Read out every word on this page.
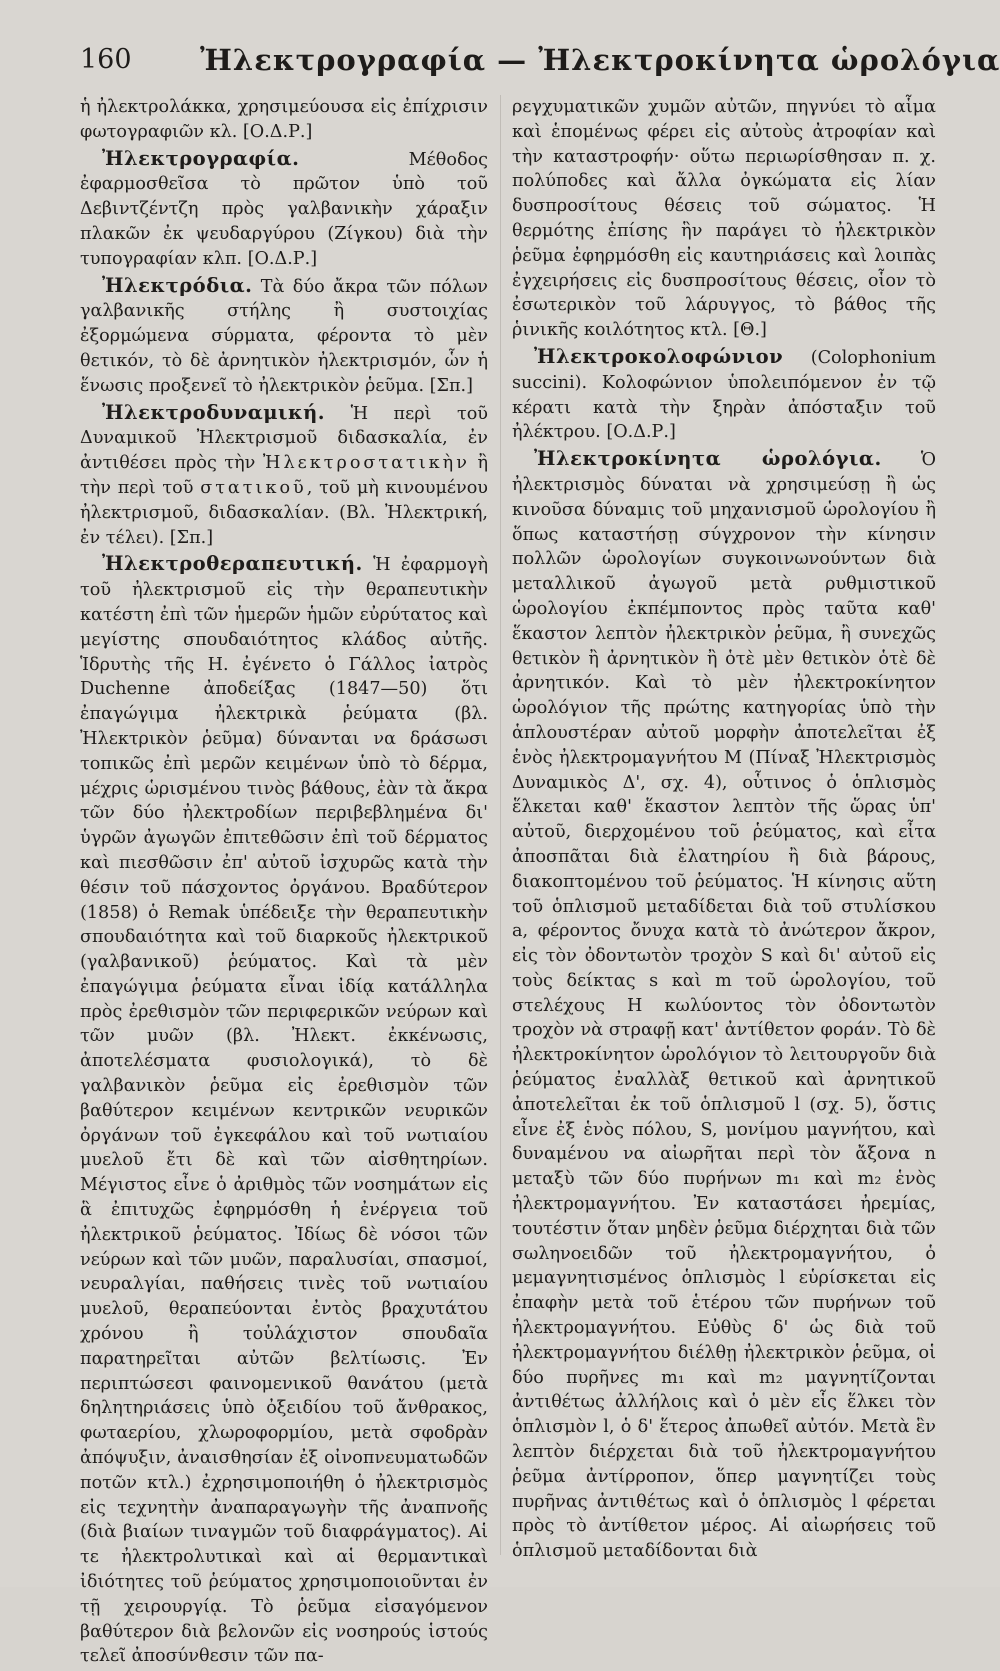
160 Ἠλεκτρογραφία — Ἠλεκτροκίνητα ὡρολόγια

ἡ ἠλεκτρολάκκα, χρησιμεύουσα εἰς ἐπίχρισιν φωτογραφιῶν κλ. [Ο.Δ.Ρ.]

Ἠλεκτρογραφία. Μέθοδος ἐφαρμοσθεῖσα τὸ πρῶτον ὑπὸ τοῦ Δεβιντζέντζη πρὸς γαλβανικὴν χάραξιν πλακῶν ἐκ ψευδαργύρου (Ζίγκου) διὰ τὴν τυπογραφίαν κλπ. [Ο.Δ.Ρ.]

Ἠλεκτρόδια. Τὰ δύο ἄκρα τῶν πόλων γαλβανικῆς στήλης ἢ συστοιχίας ἐξορμώμενα σύρματα, φέροντα τὸ μὲν θετικόν, τὸ δὲ ἀρνητικὸν ἠλεκτρισμόν, ὧν ἡ ἕνωσις προξενεῖ τὸ ἠλεκτρικὸν ῥεῦμα. [Σπ.]

Ἠλεκτροδυναμική. Ἡ περὶ τοῦ Δυναμικοῦ Ἠλεκτρισμοῦ διδασκαλία, ἐν ἀντιθέσει πρὸς τὴν Ἠλεκτροστατικὴν ἢ τὴν περὶ τοῦ στατικοῦ, τοῦ μὴ κινουμένου ἠλεκτρισμοῦ, διδασκαλίαν. (Βλ. Ἠλεκτρική, ἐν τέλει). [Σπ.]

Ἠλεκτροθεραπευτική. Ἡ ἐφαρμογὴ τοῦ ἠλεκτρισμοῦ εἰς τὴν θεραπευτικὴν κατέστη ἐπὶ τῶν ἡμερῶν ἡμῶν εὐρύτατος καὶ μεγίστης σπουδαιότητος κλάδος αὐτῆς. Ἱδρυτὴς τῆς Η. ἐγένετο ὁ Γάλλος ἰατρὸς Duchenne ἀποδείξας (1847—50) ὅτι ἐπαγώγιμα ἠλεκτρικὰ ῥεύματα (βλ. Ἠλεκτρικὸν ῥεῦμα) δύνανται να δράσωσι τοπικῶς ἐπὶ μερῶν κειμένων ὑπὸ τὸ δέρμα, μέχρις ὡρισμένου τινὸς βάθους, ἐὰν τὰ ἄκρα τῶν δύο ἠλεκτροδίων περιβεβλημένα δι' ὑγρῶν ἀγωγῶν ἐπιτεθῶσιν ἐπὶ τοῦ δέρματος καὶ πιεσθῶσιν ἐπ' αὐτοῦ ἰσχυρῶς κατὰ τὴν θέσιν τοῦ πάσχοντος ὀργάνου. Βραδύτερον (1858) ὁ Remak ὑπέδειξε τὴν θεραπευτικὴν σπουδαιότητα καὶ τοῦ διαρκοῦς ἠλεκτρικοῦ (γαλβανικοῦ) ῥεύματος. Καὶ τὰ μὲν ἐπαγώγιμα ῥεύματα εἶναι ἰδίᾳ κατάλληλα πρὸς ἐρεθισμὸν τῶν περιφερικῶν νεύρων καὶ τῶν μυῶν (βλ. Ἠλεκτ. ἐκκένωσις, ἀποτελέσματα φυσιολογικά), τὸ δὲ γαλβανικὸν ῥεῦμα εἰς ἐρεθισμὸν τῶν βαθύτερον κειμένων κεντρικῶν νευρικῶν ὀργάνων τοῦ ἐγκεφάλου καὶ τοῦ νωτιαίου μυελοῦ ἔτι δὲ καὶ τῶν αἰσθητηρίων. Μέγιστος εἶνε ὁ ἀριθμὸς τῶν νοσημάτων εἰς ἃ ἐπιτυχῶς ἐφηρμόσθη ἡ ἐνέργεια τοῦ ἠλεκτρικοῦ ῥεύματος. Ἰδίως δὲ νόσοι τῶν νεύρων καὶ τῶν μυῶν, παραλυσίαι, σπασμοί, νευραλγίαι, παθήσεις τινὲς τοῦ νωτιαίου μυελοῦ, θεραπεύονται ἐντὸς βραχυτάτου χρόνου ἢ τοὐλάχιστον σπουδαῖα παρατηρεῖται αὐτῶν βελτίωσις. Ἐν περιπτώσεσι φαινομενικοῦ θανάτου (μετὰ δηλητηριάσεις ὑπὸ ὀξειδίου τοῦ ἄνθρακος, φωταερίου, χλωροφορμίου, μετὰ σφοδρὰν ἀπόψυξιν, ἀναισθησίαν ἐξ οἰνοπνευματωδῶν ποτῶν κτλ.) ἐχρησιμοποιήθη ὁ ἠλεκτρισμὸς εἰς τεχνητὴν ἀναπαραγωγὴν τῆς ἀναπνοῆς (διὰ βιαίων τιναγμῶν τοῦ διαφράγματος). Αἱ τε ἠλεκτρολυτικαὶ καὶ αἱ θερμαντικαὶ ἰδιότητες τοῦ ῥεύματος χρησιμοποιοῦνται ἐν τῇ χειρουργίᾳ. Τὸ ῥεῦμα εἰσαγόμενον βαθύτερον διὰ βελονῶν εἰς νοσηρούς ἱστούς τελεῖ ἀποσύνθεσιν τῶν πα-

ρεγχυματικῶν χυμῶν αὐτῶν, πηγνύει τὸ αἷμα καὶ ἑπομένως φέρει εἰς αὐτοὺς ἀτροφίαν καὶ τὴν καταστροφήν· οὕτω περιωρίσθησαν π. χ. πολύποδες καὶ ἄλλα ὀγκώματα εἰς λίαν δυσπροσίτους θέσεις τοῦ σώματος. Ἡ θερμότης ἐπίσης ἣν παράγει τὸ ἠλεκτρικὸν ῥεῦμα ἐφηρμόσθη εἰς καυτηριάσεις καὶ λοιπὰς ἐγχειρήσεις εἰς δυσπροσίτους θέσεις, οἷον τὸ ἐσωτερικὸν τοῦ λάρυγγος, τὸ βάθος τῆς ῥινικῆς κοιλότητος κτλ. [Θ.]

Ἠλεκτροκολοφώνιον (Colophonium succini). Κολοφώνιον ὑπολειπόμενον ἐν τῷ κέρατι κατὰ τὴν ξηρὰν ἀπόσταξιν τοῦ ἠλέκτρου. [Ο.Δ.Ρ.]

Ἠλεκτροκίνητα ὡρολόγια. Ὁ ἠλεκτρισμὸς δύναται νὰ χρησιμεύσῃ ἢ ὡς κινοῦσα δύναμις τοῦ μηχανισμοῦ ὡρολογίου ἢ ὅπως καταστήσῃ σύγχρονον τὴν κίνησιν πολλῶν ὡρολογίων συγκοινωνούντων διὰ μεταλλικοῦ ἀγωγοῦ μετὰ ρυθμιστικοῦ ὡρολογίου ἐκπέμποντος πρὸς ταῦτα καθ' ἕκαστον λεπτὸν ἠλεκτρικὸν ῥεῦμα, ἢ συνεχῶς θετικὸν ἢ ἀρνητικὸν ἢ ὁτὲ μὲν θετικὸν ὁτὲ δὲ ἀρνητικόν. Καὶ τὸ μὲν ἠλεκτροκίνητον ὡρολόγιον τῆς πρώτης κατηγορίας ὑπὸ τὴν ἁπλουστέραν αὐτοῦ μορφὴν ἀποτελεῖται ἐξ ἑνὸς ἠλεκτρομαγνήτου Μ (Πίναξ Ἠλεκτρισμὸς Δυναμικὸς Δ', σχ. 4), οὗτινος ὁ ὁπλισμὸς ἕλκεται καθ' ἕκαστον λεπτὸν τῆς ὥρας ὑπ' αὐτοῦ, διερχομένου τοῦ ῥεύματος, καὶ εἶτα ἀποσπᾶται διὰ ἐλατηρίου ἢ διὰ βάρους, διακοπτομένου τοῦ ῥεύματος. Ἡ κίνησις αὕτη τοῦ ὁπλισμοῦ μεταδίδεται διὰ τοῦ στυλίσκου a, φέροντος ὄνυχα κατὰ τὸ ἀνώτερον ἄκρον, εἰς τὸν ὀδοντωτὸν τροχὸν S καὶ δι' αὐτοῦ εἰς τοὺς δείκτας s καὶ m τοῦ ὡρολογίου, τοῦ στελέχους Η κωλύοντος τὸν ὀδοντωτὸν τροχὸν νὰ στραφῇ κατ' ἀντίθετον φοράν. Τὸ δὲ ἠλεκτροκίνητον ὡρολόγιον τὸ λειτουργοῦν διὰ ῥεύματος ἐναλλὰξ θετικοῦ καὶ ἀρνητικοῦ ἀποτελεῖται ἐκ τοῦ ὁπλισμοῦ l (σχ. 5), ὅστις εἶνε ἐξ ἑνὸς πόλου, S, μονίμου μαγνήτου, καὶ δυναμένου να αἰωρῆται περὶ τὸν ἄξονα n μεταξὺ τῶν δύο πυρήνων m₁ καὶ m₂ ἑνὸς ἠλεκτρομαγνήτου. Ἐν καταστάσει ἠρεμίας, τουτέστιν ὅταν μηδὲν ῥεῦμα διέρχηται διὰ τῶν σωληνοειδῶν τοῦ ἠλεκτρομαγνήτου, ὁ μεμαγνητισμένος ὁπλισμὸς l εὑρίσκεται εἰς ἐπαφὴν μετὰ τοῦ ἑτέρου τῶν πυρήνων τοῦ ἠλεκτρομαγνήτου. Εὐθὺς δ' ὡς διὰ τοῦ ἠλεκτρομαγνήτου διέλθῃ ἠλεκτρικὸν ῥεῦμα, οἱ δύο πυρῆνες m₁ καὶ m₂ μαγνητίζονται ἀντιθέτως ἀλλήλοις καὶ ὁ μὲν εἷς ἕλκει τὸν ὁπλισμὸν l, ὁ δ' ἕτερος ἀπωθεῖ αὐτόν. Μετὰ ἓν λεπτὸν διέρχεται διὰ τοῦ ἠλεκτρομαγνήτου ῥεῦμα ἀντίρροπον, ὅπερ μαγνητίζει τοὺς πυρῆνας ἀντιθέτως καὶ ὁ ὁπλισμὸς l φέρεται πρὸς τὸ ἀντίθετον μέρος. Αἱ αἰωρήσεις τοῦ ὁπλισμοῦ μεταδίδονται διὰ
